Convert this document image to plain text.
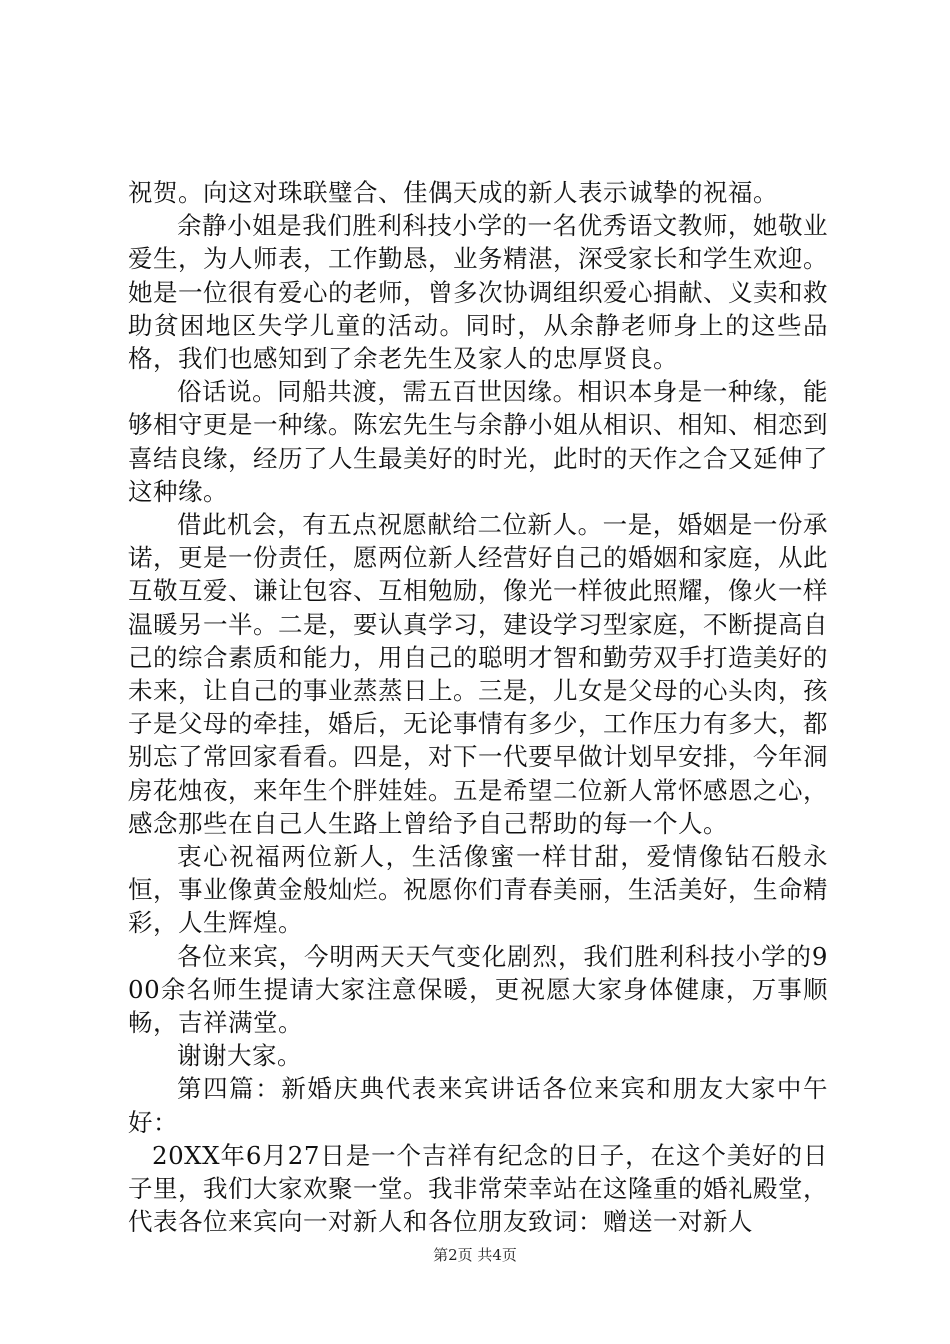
祝贺。向这对珠联璧合、佳偶天成的新人表示诚挚的祝福。

余静小姐是我们胜利科技小学的一名优秀语文教师，她敬业爱生，为人师表，工作勤恳，业务精湛，深受家长和学生欢迎。她是一位很有爱心的老师，曾多次协调组织爱心捐献、义卖和救助贫困地区失学儿童的活动。同时，从余静老师身上的这些品格，我们也感知到了余老先生及家人的忠厚贤良。

俗话说。同船共渡，需五百世因缘。相识本身是一种缘，能够相守更是一种缘。陈宏先生与余静小姐从相识、相知、相恋到喜结良缘，经历了人生最美好的时光，此时的天作之合又延伸了这种缘。

借此机会，有五点祝愿献给二位新人。一是，婚姻是一份承诺，更是一份责任，愿两位新人经营好自己的婚姻和家庭，从此互敬互爱、谦让包容、互相勉励，像光一样彼此照耀，像火一样温暖另一半。二是，要认真学习，建设学习型家庭，不断提高自己的综合素质和能力，用自己的聪明才智和勤劳双手打造美好的未来，让自己的事业蒸蒸日上。三是，儿女是父母的心头肉，孩子是父母的牵挂，婚后，无论事情有多少，工作压力有多大，都别忘了常回家看看。四是，对下一代要早做计划早安排，今年洞房花烛夜，来年生个胖娃娃。五是希望二位新人常怀感恩之心，感念那些在自己人生路上曾给予自己帮助的每一个人。

衷心祝福两位新人，生活像蜜一样甘甜，爱情像钻石般永恒，事业像黄金般灿烂。祝愿你们青春美丽，生活美好，生命精彩，人生辉煌。

各位来宾，今明两天天气变化剧烈，我们胜利科技小学的900余名师生提请大家注意保暖，更祝愿大家身体健康，万事顺畅，吉祥满堂。

谢谢大家。

第四篇：新婚庆典代表来宾讲话各位来宾和朋友大家中午好：

20XX年6月27日是一个吉祥有纪念的日子，在这个美好的日子里，我们大家欢聚一堂。我非常荣幸站在这隆重的婚礼殿堂，代表各位来宾向一对新人和各位朋友致词：赠送一对新人

第2页 共4页
